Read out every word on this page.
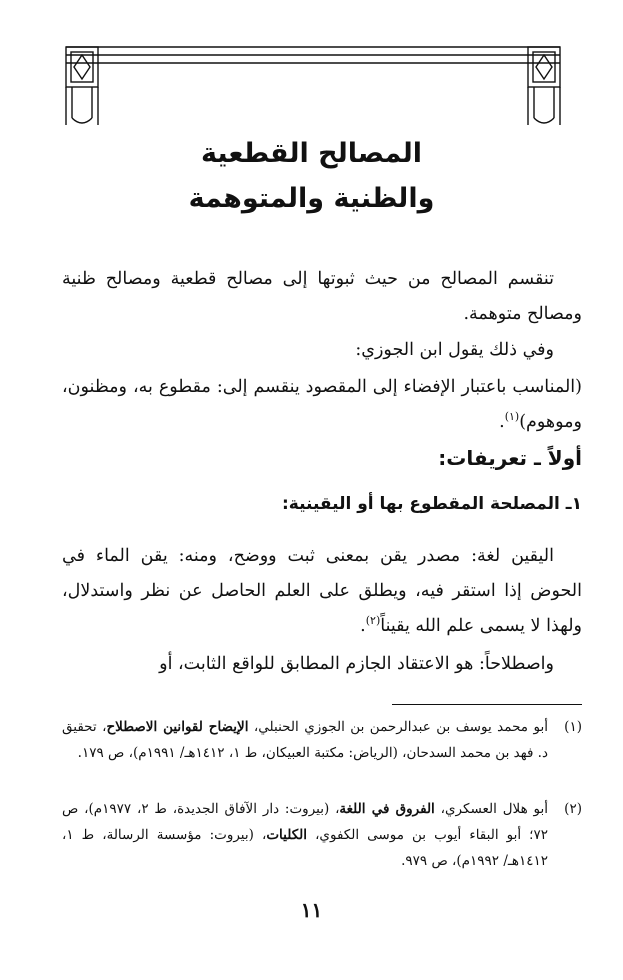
المصالح القطعية
والظنية والمتوهمة

تنقسم المصالح من حيث ثبوتها إلى مصالح قطعية ومصالح ظنية ومصالح متوهمة.

وفي ذلك يقول ابن الجوزي:

(المناسب باعتبار الإفضاء إلى المقصود ينقسم إلى: مقطوع به، ومظنون، وموهوم)$^{(١)}$.

أولاً ـ تعريفات:
١ـ المصلحة المقطوع بها أو اليقينية:

اليقين لغة: مصدر يقن بمعنى ثبت ووضح، ومنه: يقن الماء في الحوض إذا استقر فيه، ويطلق على العلم الحاصل عن نظر واستدلال، ولهذا لا يسمى علم الله يقيناً$^{(٢)}$.

واصطلاحاً: هو الاعتقاد الجازم المطابق للواقع الثابت، أو

(١)
أبو محمد يوسف بن عبدالرحمن بن الجوزي الحنبلي، الإيضاح لقوانين الاصطلاح، تحقيق د. فهد بن محمد السدحان، (الرياض: مكتبة العبيكان، ط ١، ١٤١٢هـ/ ١٩٩١م)، ص ١٧٩.
(٢)
أبو هلال العسكري، الفروق في اللغة، (بيروت: دار الآفاق الجديدة، ط ٢، ١٩٧٧م)، ص ٧٢؛ أبو البقاء أيوب بن موسى الكفوي، الكليات، (بيروت: مؤسسة الرسالة، ط ١، ١٤١٢هـ/ ١٩٩٢م)، ص ٩٧٩.
١١
